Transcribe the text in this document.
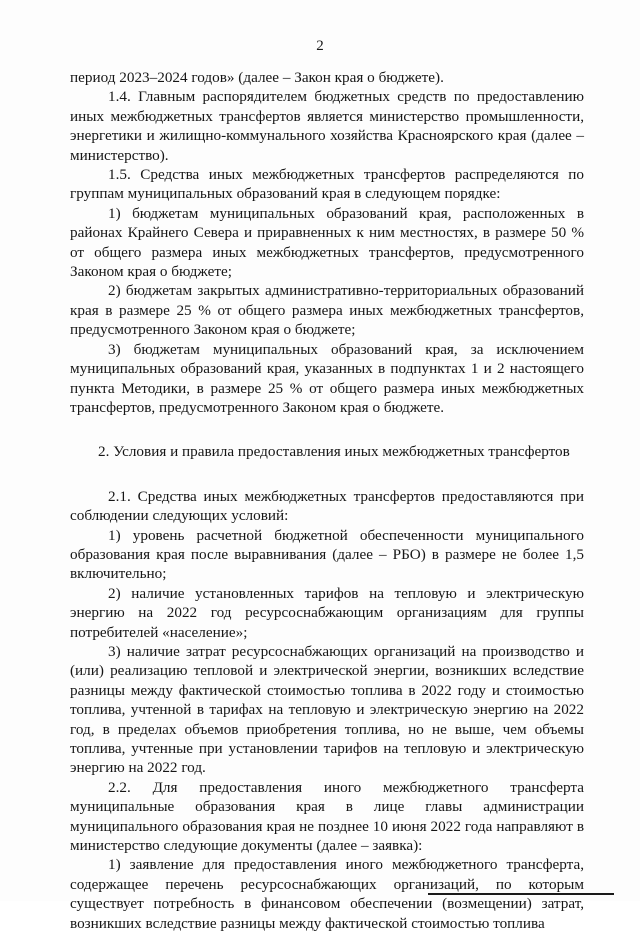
2

период 2023–2024 годов» (далее – Закон края о бюджете).

1.4. Главным распорядителем бюджетных средств по предоставлению иных межбюджетных трансфертов является министерство промышленности, энергетики и жилищно-коммунального хозяйства Красноярского края (далее – министерство).

1.5. Средства иных межбюджетных трансфертов распределяются по группам муниципальных образований края в следующем порядке:

1) бюджетам муниципальных образований края, расположенных в районах Крайнего Севера и приравненных к ним местностях, в размере 50 % от общего размера иных межбюджетных трансфертов, предусмотренного Законом края о бюджете;

2) бюджетам закрытых административно-территориальных образований края в размере 25 % от общего размера иных межбюджетных трансфертов, предусмотренного Законом края о бюджете;

3) бюджетам муниципальных образований края, за исключением муниципальных образований края, указанных в подпунктах 1 и 2 настоящего пункта Методики, в размере 25 % от общего размера иных межбюджетных трансфертов, предусмотренного Законом края о бюджете.

2. Условия и правила предоставления иных межбюджетных трансфертов

2.1. Средства иных межбюджетных трансфертов предоставляются при соблюдении следующих условий:

1) уровень расчетной бюджетной обеспеченности муниципального образования края после выравнивания (далее – РБО) в размере не более 1,5 включительно;

2) наличие установленных тарифов на тепловую и электрическую энергию на 2022 год ресурсоснабжающим организациям для группы потребителей «население»;

3) наличие затрат ресурсоснабжающих организаций на производство и (или) реализацию тепловой и электрической энергии, возникших вследствие разницы между фактической стоимостью топлива в 2022 году и стоимостью топлива, учтенной в тарифах на тепловую и электрическую энергию на 2022 год, в пределах объемов приобретения топлива, но не выше, чем объемы топлива, учтенные при установлении тарифов на тепловую и электрическую энергию на 2022 год.

2.2. Для предоставления иного межбюджетного трансферта муниципальные образования края в лице главы администрации муниципального образования края не позднее 10 июня 2022 года направляют в министерство следующие документы (далее – заявка):

1) заявление для предоставления иного межбюджетного трансферта, содержащее перечень ресурсоснабжающих организаций, по которым существует потребность в финансовом обеспечении (возмещении) затрат, возникших вследствие разницы между фактической стоимостью топлива
